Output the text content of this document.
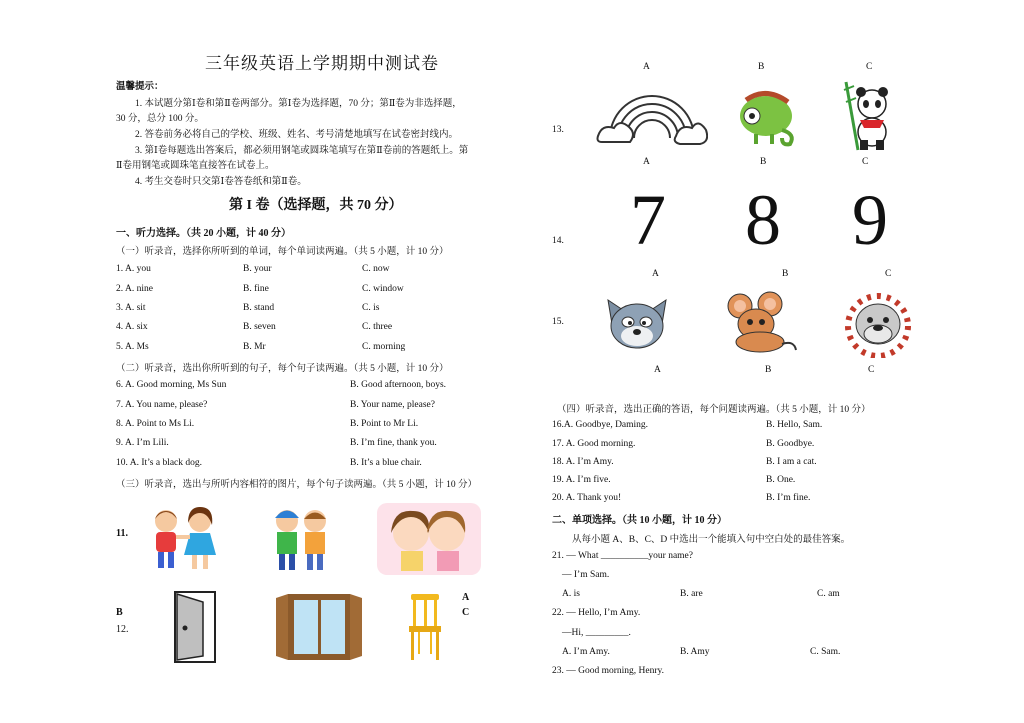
三年级英语上学期期中测试卷
温馨提示：
1. 本试题分第Ⅰ卷和第Ⅱ卷两部分。第Ⅰ卷为选择题，70 分；第Ⅱ卷为非选择题，
30 分，总分 100 分。
2. 答卷前务必将自己的学校、班级、姓名、考号清楚地填写在试卷密封线内。
3. 第Ⅰ卷每题选出答案后，都必须用钢笔或圆珠笔填写在第Ⅱ卷前的答题纸上。第
Ⅱ卷用钢笔或圆珠笔直接答在试卷上。
4. 考生交卷时只交第Ⅰ卷答卷纸和第Ⅱ卷。
第 I 卷（选择题，共 70 分）
一、听力选择。（共 20 小题，计 40 分）
（一）听录音，选择你所听到的单词，每个单词读两遍。（共 5 小题，计 10 分）
1. A. you	B. your	C. now
2. A. nine	B. fine	C. window
3. A. sit	B. stand	C. is
4. A. six	B. seven	C. three
5. A. Ms	B. Mr	C. morning
（二）听录音，选出你所听到的句子，每个句子读两遍。（共 5 小题，计 10 分）
6. A. Good morning, Ms Sun	B. Good afternoon, boys.
7. A. You name, please?	B. Your name, please?
8. A. Point to Ms Li.	B. Point to Mr Li.
9. A. I’m Lili.	B. I’m fine, thank you.
10. A. It’s a black dog.	B. It’s a blue chair.
（三）听录音，选出与所听内容相符的图片，每个句子读两遍。（共 5 小题，计 10 分）
11.
B
12.
A
C
A	B	C
13.
A	B	C
7 8 9
14.
A	B	C
15.
A	B	C
（四）听录音，选出正确的答语，每个问题读两遍。（共 5 小题，计 10 分）
16.A. Goodbye, Daming.	B. Hello, Sam.
17. A. Good morning.	B. Goodbye.
18. A. I’m Amy.	B. I am a cat.
19. A. I’m five.	B. One.
20. A. Thank you!	B. I’m fine.
二、单项选择。（共 10 小题，计 10 分）
从每小题 A、B、C、D 中选出一个能填入句中空白处的最佳答案。
21. — What __________your name?
— I’m Sam.
A. is	B. are	C. am
22. — Hello, I’m Amy.
—Hi, _________.
A. I’m Amy.	B. Amy	C. Sam.
23. — Good morning, Henry.
